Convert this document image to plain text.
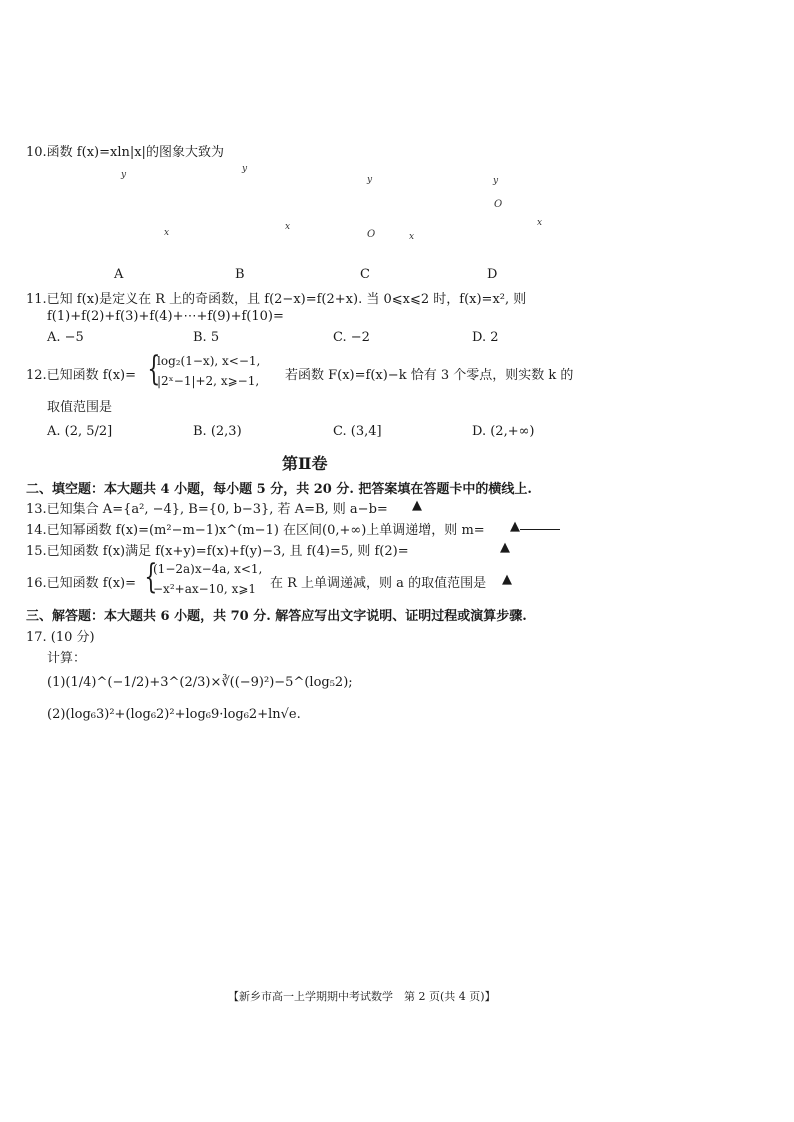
10.函数 f(x)=xln|x|的图象大致为
y
x
y
x
y
O	x
y
O
x
A	B	C	D
11.已知 f(x)是定义在 R 上的奇函数，且 f(2−x)=f(2+x). 当 0⩽x⩽2 时，f(x)=x², 则
f(1)+f(2)+f(3)+f(4)+⋯+f(9)+f(10)=
A. −5	B. 5	C. −2	D. 2
12.已知函数 f(x)= {
log₂(1−x), x<−1,
|2ˣ−1|+2, x⩾−1, 若函数 F(x)=f(x)−k 恰有 3 个零点，则实数 k 的
取值范围是
A. (2, 5/2]	B. (2,3)	C. (3,4]	D. (2,+∞)
第Ⅱ卷
二、填空题：本大题共 4 小题，每小题 5 分，共 20 分. 把答案填在答题卡中的横线上.
13.已知集合 A={a², −4}, B={0, b−3}, 若 A=B, 则 a−b= ▲
14.已知幂函数 f(x)=(m²−m−1)x^(m−1) 在区间(0,+∞)上单调递增，则 m= ▲
15.已知函数 f(x)满足 f(x+y)=f(x)+f(y)−3, 且 f(4)=5, 则 f(2)=	▲
16.已知函数 f(x)= {
(1−2a)x−4a, x<1,
−x²+ax−10, x⩾1 在 R 上单调递减，则 a 的取值范围是 ▲
三、解答题：本大题共 6 小题，共 70 分. 解答应写出文字说明、证明过程或演算步骤.
17. (10 分)
计算：
(1)(1/4)^(−1/2)+3^(2/3)×∛((−9)²)−5^(log₅2);
(2)(log₆3)²+(log₆2)²+log₆9·log₆2+ln√e.
【新乡市高一上学期期中考试数学　第 2 页(共 4 页)】
